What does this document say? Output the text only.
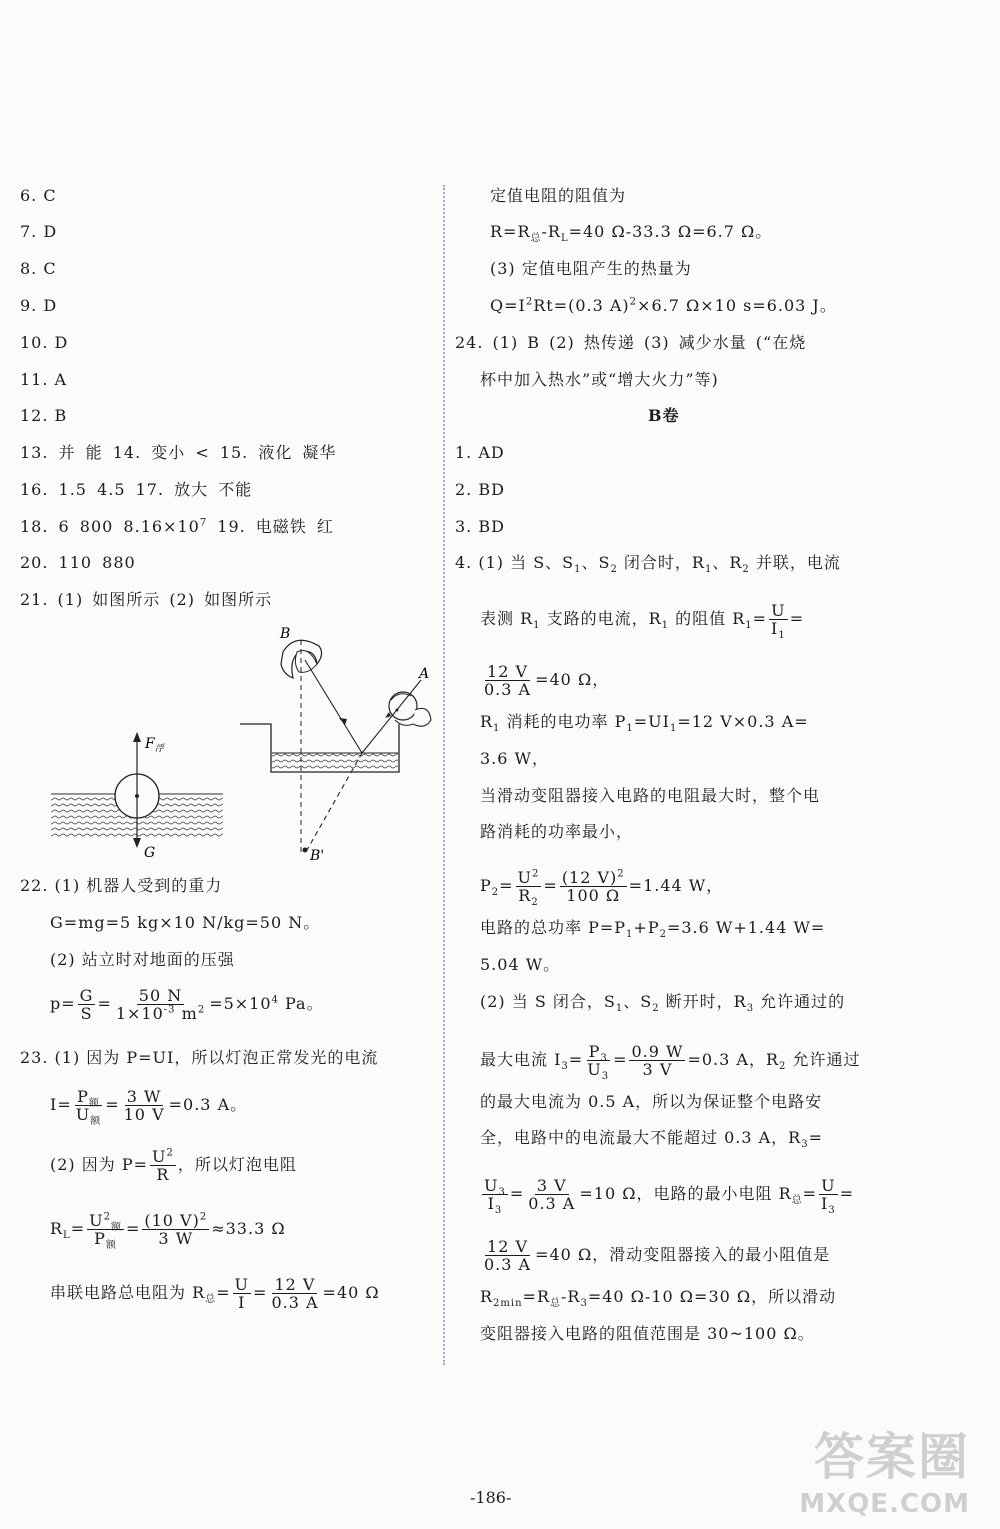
6. C
7. D
8. C
9. D
10. D
11. A
12. B
13. 并 能 14. 变小 < 15. 液化 凝华
16. 1.5 4.5 17. 放大 不能
18. 6 800 $8.16\times 10^7$ 19. 电磁铁 红
20. 110 880
21. (1) 如图所示 (2) 如图所示
$F_浮$
G
B
A
B'
22. (1) 机器人受到的重力
G=mg=5 kg×10 N/kg=50 N。
(2) 站立时对地面的压强
$p= \frac{G}{S} = \frac{50 N}{1\times 10^{-3} m^2} =5\times 10^4$ Pa。
23. (1) 因为 P=UI，所以灯泡正常发光的电流
$I= \frac{P_额}{U_额} = \frac{3 W}{10 V} =0.3$ A。
(2) 因为 $P= \frac{U^2}{R}$ ，所以灯泡电阻
$R_L= \frac{U^2_额}{P_额} = \frac{(10 V)^2}{3 W} \approx 33.3$ Ω
串联电路总电阻为 $R_总= \frac{U}{I} = \frac{12 V}{0.3 A} =40$ Ω
定值电阻的阻值为
$R=R_总-R_L=40$ Ω-33.3 Ω=6.7 Ω。
(3) 定值电阻产生的热量为
$Q=I^2Rt=(0.3$ A)$^2$×6.7 Ω×10 s=6.03 J。
24. (1) B (2) 热传递 (3) 减少水量 (“在烧
杯中加入热水”或“增大火力”等)
B卷
1. AD
2. BD
3. BD
4. (1) 当 S、$S_1$、$S_2$ 闭合时，$R_1$、$R_2$ 并联，电流
表测 $R_1$ 支路的电流，$R_1$ 的阻值 $R_1= \frac{U}{I_1}$ =
$\frac{12 V}{0.3 A} =40$ Ω，
$R_1$ 消耗的电功率 $P_1=UI_1=12$ V×0.3 A=
3.6 W，
当滑动变阻器接入电路的电阻最大时，整个电
路消耗的功率最小，
$P_2= \frac{U^2}{R_2} = \frac{(12 V)^2}{100 \Omega} =1.44$ W，
电路的总功率 $P=P_1+P_2=3.6$ W+1.44 W=
5.04 W。
(2) 当 S 闭合，$S_1$、$S_2$ 断开时，$R_3$ 允许通过的
最大电流 $I_3= \frac{P_3}{U_3} = \frac{0.9 W}{3 V} =0.3$ A，$R_2$ 允许通过
的最大电流为 0.5 A，所以为保证整个电路安
全，电路中的电流最大不能超过 0.3 A，$R_3=$
$\frac{U_3}{I_3} = \frac{3 V}{0.3 A} =10$ Ω，电路的最小电阻 $R_总= \frac{U}{I_3}$ =
$\frac{12 V}{0.3 A} =40$ Ω，滑动变阻器接入的最小阻值是
$R_{2min}=R_总-R_3=40$ Ω-10 Ω=30 Ω，所以滑动
变阻器接入电路的阻值范围是 30~100 Ω。
-186-
答案圈
MXQE.COM
